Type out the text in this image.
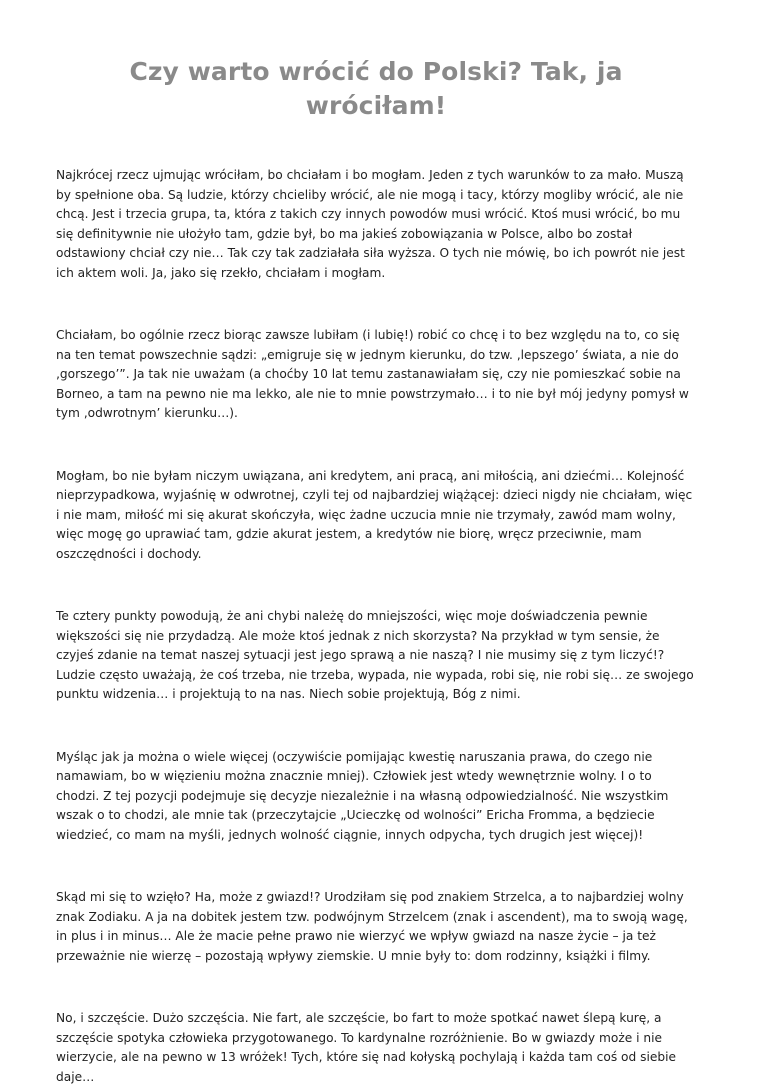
Czy warto wrócić do Polski? Tak, ja wróciłam!

Najkrócej rzecz ujmując wróciłam, bo chciałam i bo mogłam. Jeden z tych warunków to za mało. Muszą by spełnione oba. Są ludzie, którzy chcieliby wrócić, ale nie mogą i tacy, którzy mogliby wrócić, ale nie chcą. Jest i trzecia grupa, ta, która z takich czy innych powodów musi wrócić. Ktoś musi wrócić, bo mu się definitywnie nie ułożyło tam, gdzie był, bo ma jakieś zobowiązania w Polsce, albo bo został odstawiony chciał czy nie… Tak czy tak zadziałała siła wyższa. O tych nie mówię, bo ich powrót nie jest ich aktem woli. Ja, jako się rzekło, chciałam i mogłam.

Chciałam, bo ogólnie rzecz biorąc zawsze lubiłam (i lubię!) robić co chcę i to bez względu na to, co się na ten temat powszechnie sądzi: „emigruje się w jednym kierunku, do tzw. ‚lepszego’ świata, a nie do ‚gorszego’”. Ja tak nie uważam (a choćby 10 lat temu zastanawiałam się, czy nie pomieszkać sobie na Borneo, a tam na pewno nie ma lekko, ale nie to mnie powstrzymało… i to nie był mój jedyny pomysł w tym ‚odwrotnym’ kierunku…).

Mogłam, bo nie byłam niczym uwiązana, ani kredytem, ani pracą, ani miłością, ani dziećmi… Kolejność nieprzypadkowa, wyjaśnię w odwrotnej, czyli tej od najbardziej wiążącej: dzieci nigdy nie chciałam, więc i nie mam, miłość mi się akurat skończyła, więc żadne uczucia mnie nie trzymały, zawód mam wolny, więc mogę go uprawiać tam, gdzie akurat jestem, a kredytów nie biorę, wręcz przeciwnie, mam oszczędności i dochody.

Te cztery punkty powodują, że ani chybi należę do mniejszości, więc moje doświadczenia pewnie większości się nie przydadzą. Ale może ktoś jednak z nich skorzysta? Na przykład w tym sensie, że czyjeś zdanie na temat naszej sytuacji jest jego sprawą a nie naszą? I nie musimy się z tym liczyć!? Ludzie często uważają, że coś trzeba, nie trzeba, wypada, nie wypada, robi się, nie robi się… ze swojego punktu widzenia… i projektują to na nas. Niech sobie projektują, Bóg z nimi.

Myśląc jak ja można o wiele więcej (oczywiście pomijając kwestię naruszania prawa, do czego nie namawiam, bo w więzieniu można znacznie mniej). Człowiek jest wtedy wewnętrznie wolny. I o to chodzi. Z tej pozycji podejmuje się decyzje niezależnie i na własną odpowiedzialność. Nie wszystkim wszak o to chodzi, ale mnie tak (przeczytajcie „Ucieczkę od wolności” Ericha Fromma, a będziecie wiedzieć, co mam na myśli, jednych wolność ciągnie, innych odpycha, tych drugich jest więcej)!

Skąd mi się to wzięło? Ha, może z gwiazd!? Urodziłam się pod znakiem Strzelca, a to najbardziej wolny znak Zodiaku. A ja na dobitek jestem tzw. podwójnym Strzelcem (znak i ascendent), ma to swoją wagę, in plus i in minus… Ale że macie pełne prawo nie wierzyć we wpływ gwiazd na nasze życie – ja też przeważnie nie wierzę – pozostają wpływy ziemskie. U mnie były to: dom rodzinny, książki i filmy.

No, i szczęście. Dużo szczęścia. Nie fart, ale szczęście, bo fart to może spotkać nawet ślepą kurę, a szczęście spotyka człowieka przygotowanego. To kardynalne rozróżnienie. Bo w gwiazdy może i nie wierzycie, ale na pewno w 13 wróżek! Tych, które się nad kołyską pochylają i każda tam coś od siebie daje…
